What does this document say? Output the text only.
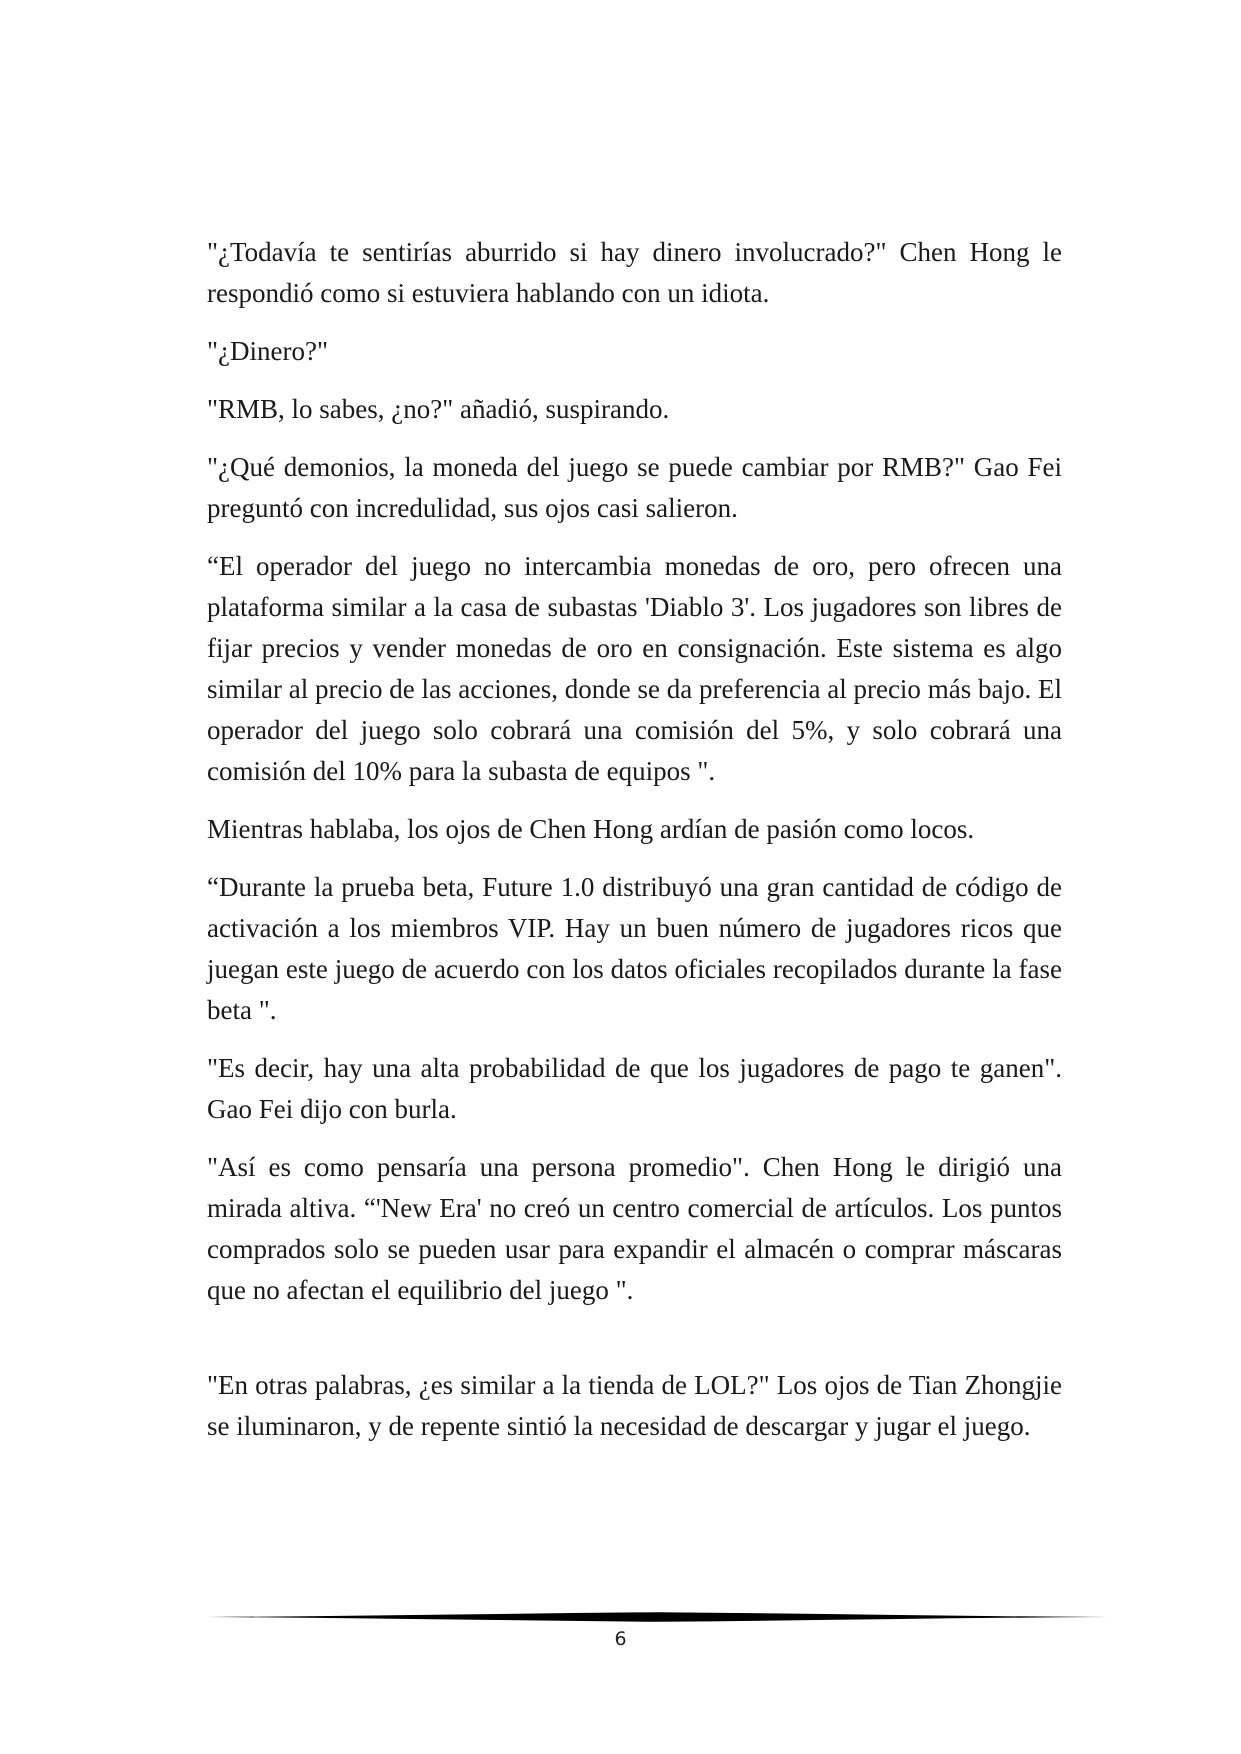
"¿Todavía te sentirías aburrido si hay dinero involucrado?" Chen Hong le respondió como si estuviera hablando con un idiota.

"¿Dinero?"

"RMB, lo sabes, ¿no?" añadió, suspirando.

"¿Qué demonios, la moneda del juego se puede cambiar por RMB?" Gao Fei preguntó con incredulidad, sus ojos casi salieron.

“El operador del juego no intercambia monedas de oro, pero ofrecen una plataforma similar a la casa de subastas 'Diablo 3'. Los jugadores son libres de fijar precios y vender monedas de oro en consignación. Este sistema es algo similar al precio de las acciones, donde se da preferencia al precio más bajo. El operador del juego solo cobrará una comisión del 5%, y solo cobrará una comisión del 10% para la subasta de equipos ".

Mientras hablaba, los ojos de Chen Hong ardían de pasión como locos.

“Durante la prueba beta, Future 1.0 distribuyó una gran cantidad de código de activación a los miembros VIP. Hay un buen número de jugadores ricos que juegan este juego de acuerdo con los datos oficiales recopilados durante la fase beta ".

"Es decir, hay una alta probabilidad de que los jugadores de pago te ganen". Gao Fei dijo con burla.

"Así es como pensaría una persona promedio". Chen Hong le dirigió una mirada altiva. “'New Era' no creó un centro comercial de artículos. Los puntos comprados solo se pueden usar para expandir el almacén o comprar máscaras que no afectan el equilibrio del juego ".

"En otras palabras, ¿es similar a la tienda de LOL?" Los ojos de Tian Zhongjie se iluminaron, y de repente sintió la necesidad de descargar y jugar el juego.

6
